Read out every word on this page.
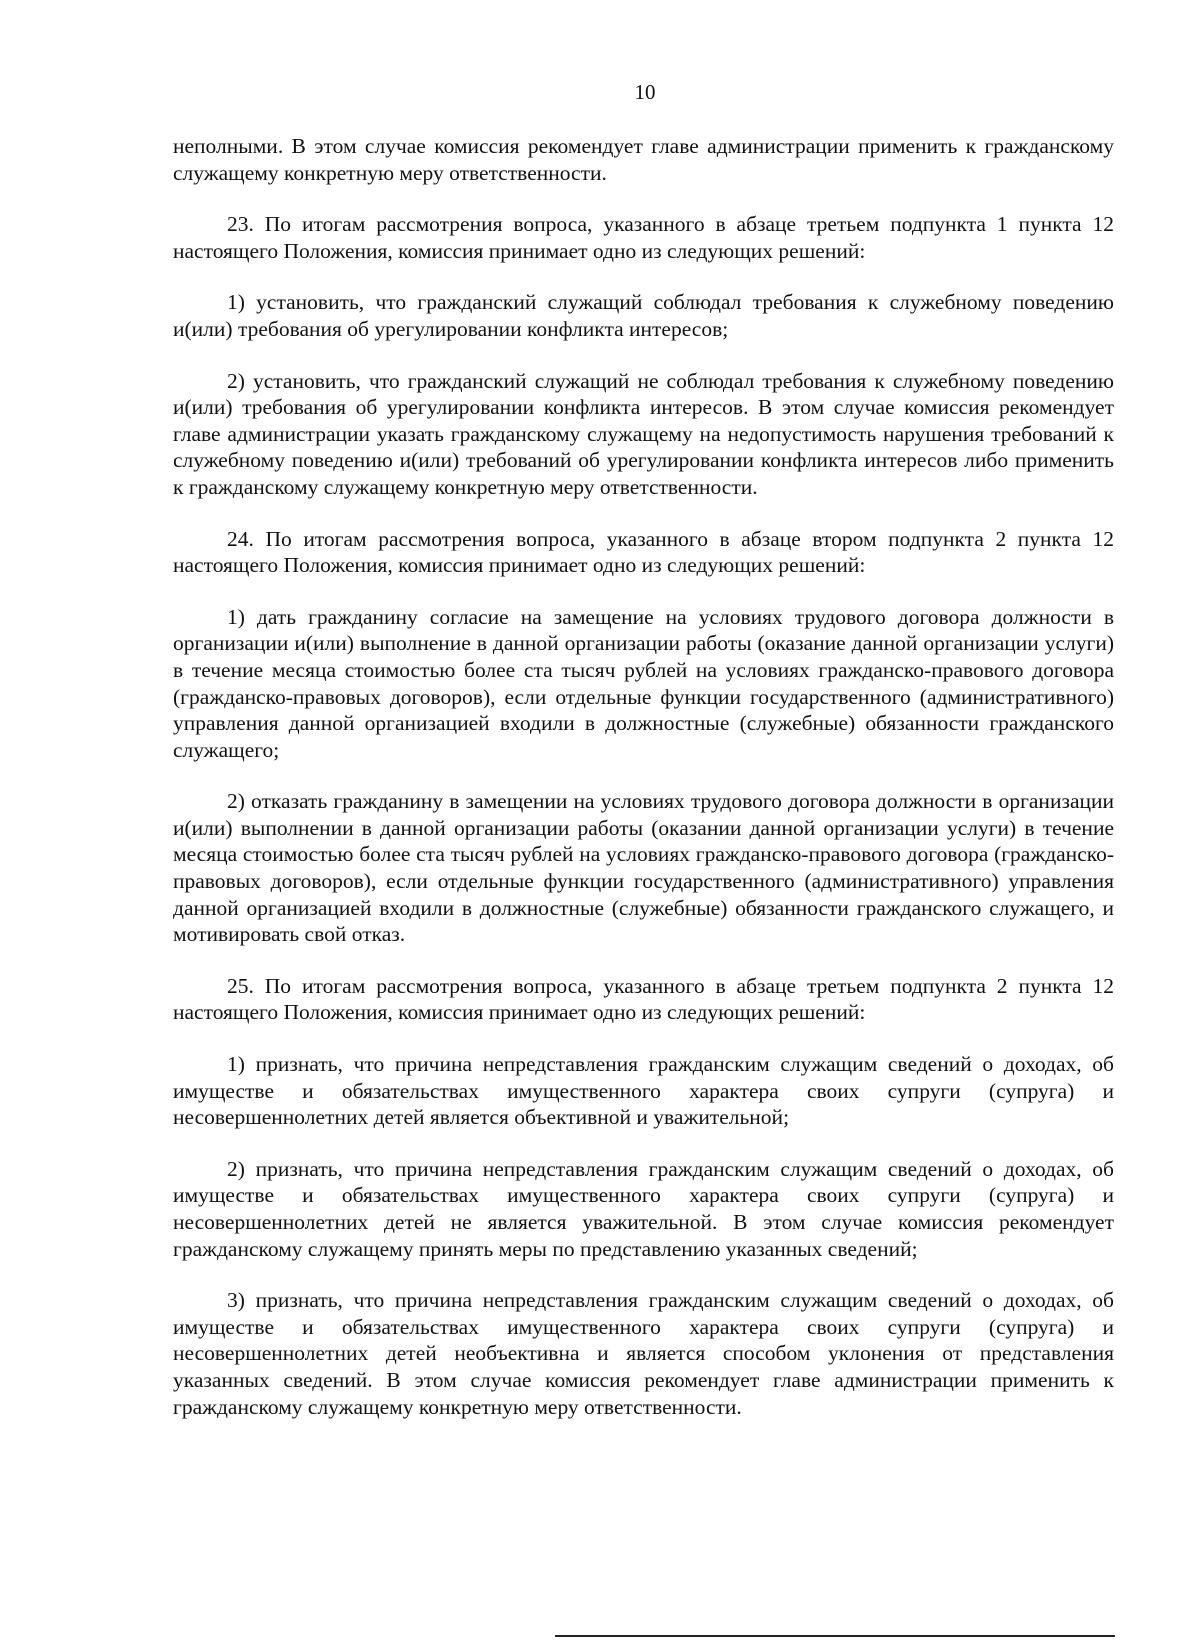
10

неполными. В этом случае комиссия рекомендует главе администрации применить к гражданскому служащему конкретную меру ответственности.

23. По итогам рассмотрения вопроса, указанного в абзаце третьем подпункта 1 пункта 12 настоящего Положения, комиссия принимает одно из следующих решений:

1) установить, что гражданский служащий соблюдал требования к служебному поведению и(или) требования об урегулировании конфликта интересов;

2) установить, что гражданский служащий не соблюдал требования к служебному поведению и(или) требования об урегулировании конфликта интересов. В этом случае комиссия рекомендует главе администрации указать гражданскому служащему на недопустимость нарушения требований к служебному поведению и(или) требований об урегулировании конфликта интересов либо применить к гражданскому служащему конкретную меру ответственности.

24. По итогам рассмотрения вопроса, указанного в абзаце втором подпункта 2 пункта 12 настоящего Положения, комиссия принимает одно из следующих решений:

1) дать гражданину согласие на замещение на условиях трудового договора должности в организации и(или) выполнение в данной организации работы (оказание данной организации услуги) в течение месяца стоимостью более ста тысяч рублей на условиях гражданско-правового договора (гражданско-правовых договоров), если отдельные функции государственного (административного) управления данной организацией входили в должностные (служебные) обязанности гражданского служащего;

2) отказать гражданину в замещении на условиях трудового договора должности в организации и(или) выполнении в данной организации работы (оказании данной организации услуги) в течение месяца стоимостью более ста тысяч рублей на условиях гражданско-правового договора (гражданско-правовых договоров), если отдельные функции государственного (административного) управления данной организацией входили в должностные (служебные) обязанности гражданского служащего, и мотивировать свой отказ.

25. По итогам рассмотрения вопроса, указанного в абзаце третьем подпункта 2 пункта 12 настоящего Положения, комиссия принимает одно из следующих решений:

1) признать, что причина непредставления гражданским служащим сведений о доходах, об имуществе и обязательствах имущественного характера своих супруги (супруга) и несовершеннолетних детей является объективной и уважительной;

2) признать, что причина непредставления гражданским служащим сведений о доходах, об имуществе и обязательствах имущественного характера своих супруги (супруга) и несовершеннолетних детей не является уважительной. В этом случае комиссия рекомендует гражданскому служащему принять меры по представлению указанных сведений;

3) признать, что причина непредставления гражданским служащим сведений о доходах, об имуществе и обязательствах имущественного характера своих супруги (супруга) и несовершеннолетних детей необъективна и является способом уклонения от представления указанных сведений. В этом случае комиссия рекомендует главе администрации применить к гражданскому служащему конкретную меру ответственности.
